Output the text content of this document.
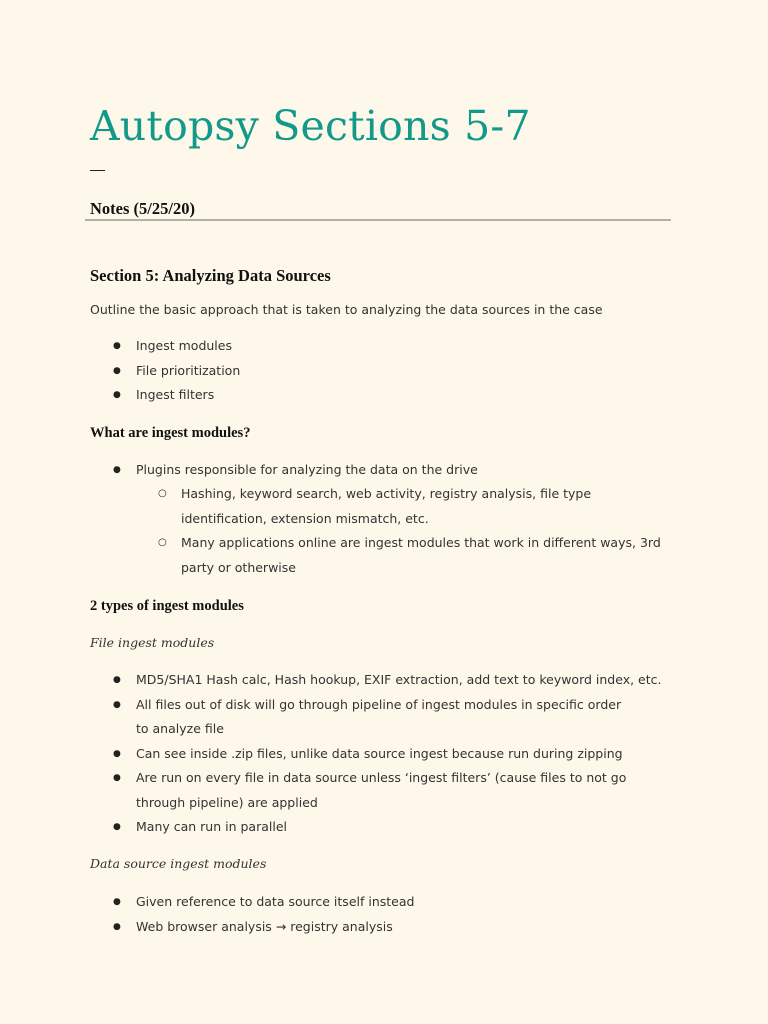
Autopsy Sections 5-7
Notes (5/25/20)
Section 5: Analyzing Data Sources
Outline the basic approach that is taken to analyzing the data sources in the case
● Ingest modules
● File prioritization
● Ingest filters
What are ingest modules?
● Plugins responsible for analyzing the data on the drive
○ Hashing, keyword search, web activity, registry analysis, file type identification, extension mismatch, etc.
○ Many applications online are ingest modules that work in different ways, 3rd party or otherwise
2 types of ingest modules
File ingest modules
● MD5/SHA1 Hash calc, Hash hookup, EXIF extraction, add text to keyword index, etc.
● All files out of disk will go through pipeline of ingest modules in specific order to analyze file
● Can see inside .zip files, unlike data source ingest because run during zipping
● Are run on every file in data source unless ‘ingest filters’ (cause files to not go through pipeline) are applied
● Many can run in parallel
Data source ingest modules
● Given reference to data source itself instead
● Web browser analysis → registry analysis
